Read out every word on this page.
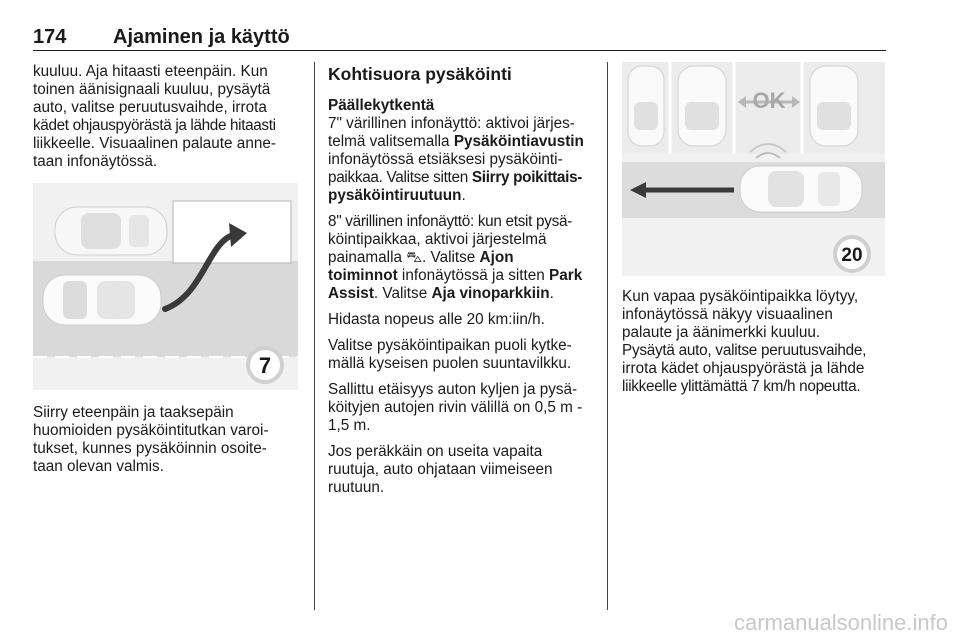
174 Ajaminen ja käyttö
kuuluu. Aja hitaasti eteenpäin. Kun
toinen äänisignaali kuuluu, pysäytä
auto, valitse peruutusvaihde, irrota
kädet ohjauspyörästä ja lähde hitaasti
liikkeelle. Visuaalinen palaute anne-
taan infonäytössä.
7
Siirry eteenpäin ja taaksepäin
huomioiden pysäköintitutkan varoi-
tukset, kunnes pysäköinnin osoite-
taan olevan valmis.
Kohtisuora pysäköinti
Päällekytkentä
7" värillinen infonäyttö: aktivoi järjes-
telmä valitsemalla Pysäköintiavustin
infonäytössä etsiäksesi pysäköinti-
paikkaa. Valitse sitten Siirry poikittais-
pysäköintiruutuun.
8" värillinen infonäyttö: kun etsit pysä-
köintipaikkaa, aktivoi järjestelmä
painamalla ⛍. Valitse Ajon
toiminnot infonäytössä ja sitten Park
Assist. Valitse Aja vinoparkkiin.
Hidasta nopeus alle 20 km:iin/h.
Valitse pysäköintipaikan puoli kytke-
mällä kyseisen puolen suuntavilkku.
Sallittu etäisyys auton kyljen ja pysä-
köityjen autojen rivin välillä on 0,5 m -
1,5 m.
Jos peräkkäin on useita vapaita
ruutuja, auto ohjataan viimeiseen
ruutuun.
OK
20
Kun vapaa pysäköintipaikka löytyy,
infonäytössä näkyy visuaalinen
palaute ja äänimerkki kuuluu.
Pysäytä auto, valitse peruutusvaihde,
irrota kädet ohjauspyörästä ja lähde
liikkeelle ylittämättä 7 km/h nopeutta.
carmanualsonline.info
